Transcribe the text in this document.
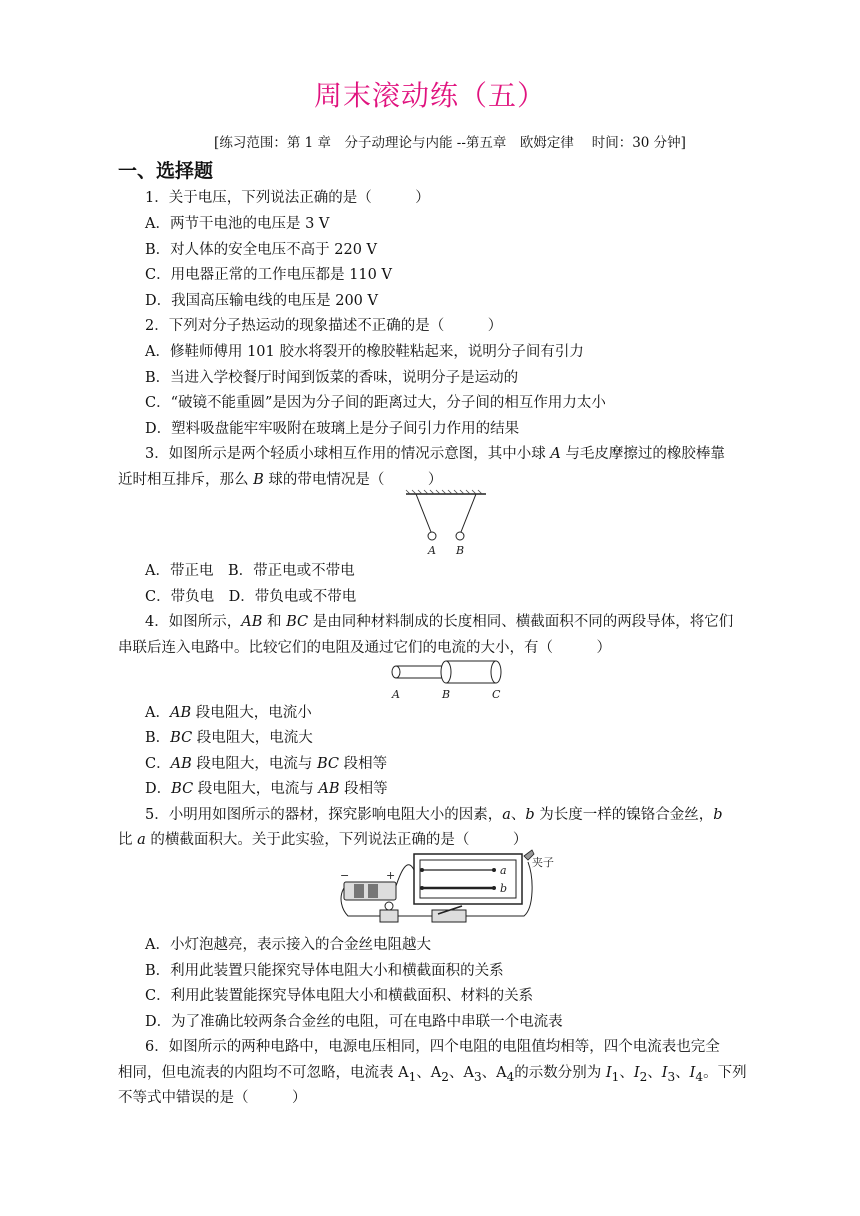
周末滚动练（五）
[练习范围：第 1 章　分子动理论与内能 --第五章　欧姆定律　 时间：30 分钟]
一、选择题
1．关于电压，下列说法正确的是（　　　）
A．两节干电池的电压是 3 V
B．对人体的安全电压不高于 220 V
C．用电器正常的工作电压都是 110 V
D．我国高压输电线的电压是 200 V
2．下列对分子热运动的现象描述不正确的是（　　　）
A．修鞋师傅用 101 胶水将裂开的橡胶鞋粘起来，说明分子间有引力
B．当进入学校餐厅时闻到饭菜的香味，说明分子是运动的
C．“破镜不能重圆”是因为分子间的距离过大，分子间的相互作用力太小
D．塑料吸盘能牢牢吸附在玻璃上是分子间引力作用的结果
3．如图所示是两个轻质小球相互作用的情况示意图，其中小球 A 与毛皮摩擦过的橡胶棒靠
近时相互排斥，那么 B 球的带电情况是（　　　）
A B
A．带正电　B．带正电或不带电
C．带负电　D．带负电或不带电
4．如图所示，AB 和 BC 是由同种材料制成的长度相同、横截面积不同的两段导体，将它们
串联后连入电路中。比较它们的电阻及通过它们的电流的大小，有（　　　）
A	B	C
A．AB 段电阻大，电流小
B．BC 段电阻大，电流大
C．AB 段电阻大，电流与 BC 段相等
D．BC 段电阻大，电流与 AB 段相等
5．小明用如图所示的器材，探究影响电阻大小的因素，a、b 为长度一样的镍铬合金丝，b
比 a 的横截面积大。关于此实验，下列说法正确的是（　　　）
−	+	a
b
夹子
A．小灯泡越亮，表示接入的合金丝电阻越大
B．利用此装置只能探究导体电阻大小和横截面积的关系
C．利用此装置能探究导体电阻大小和横截面积、材料的关系
D．为了准确比较两条合金丝的电阻，可在电路中串联一个电流表
6．如图所示的两种电路中，电源电压相同，四个电阻的电阻值均相等，四个电流表也完全
相同，但电流表的内阻均不可忽略，电流表 $A_1$、$A_2$、$A_3$、$A_4$的示数分别为 $I_1$、$I_2$、$I_3$、$I_4$。下列
不等式中错误的是（　　　）
